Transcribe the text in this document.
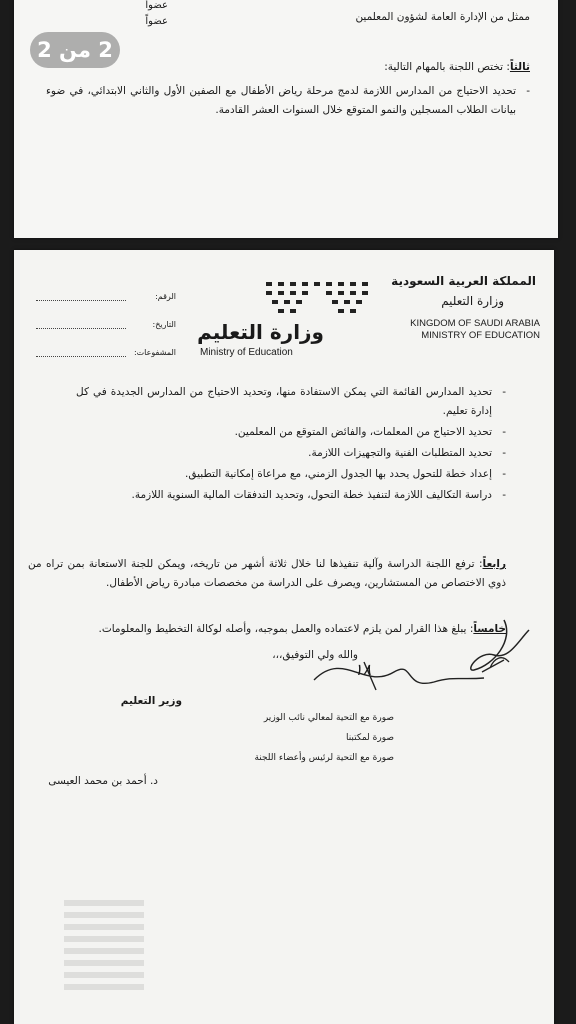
عضواً
عضواً	ممثل من الإدارة العامة لشؤون المعلمين
ثالثاً: تختص اللجنة بالمهام التالية:
-
تحديد الاحتياج من المدارس اللازمة لدمج مرحلة رياض الأطفال مع الصفين الأول والثاني الابتدائي، في ضوء بيانات الطلاب المسجلين والنمو المتوقع خلال السنوات العشر القادمة.
2 من 2
المملكة العربية السعودية
وزارة التعليم
KINGDOM OF SAUDI ARABIA
MINISTRY OF EDUCATION
وزارة التعليم
Ministry of Education
الرقم:
التاريخ:
المشفوعات:
- تحديد المدارس القائمة التي يمكن الاستفادة منها، وتحديد الاحتياج من المدارس الجديدة في كل إدارة تعليم.
- تحديد الاحتياج من المعلمات، والفائض المتوقع من المعلمين.
- تحديد المتطلبات الفنية والتجهيزات اللازمة.
- إعداد خطة للتحول يحدد بها الجدول الزمني، مع مراعاة إمكانية التطبيق.
- دراسة التكاليف اللازمة لتنفيذ خطة التحول، وتحديد التدفقات المالية السنوية اللازمة.
رابعاً: ترفع اللجنة الدراسة وآلية تنفيذها لنا خلال ثلاثة أشهر من تاريخه، ويمكن للجنة الاستعانة بمن تراه من ذوي الاختصاص من المستشارين، ويصرف على الدراسة من مخصصات مبادرة رياض الأطفال.
خامساً: يبلغ هذا القرار لمن يلزم لاعتماده والعمل بموجبه، وأصله لوكالة التخطيط والمعلومات.
والله ولي التوفيق،،،
١٨
وزير التعليم
صورة مع التحية لمعالي نائب الوزير
صورة لمكتبنا
صورة مع التحية لرئيس وأعضاء اللجنة
د. أحمد بن محمد العيسى
